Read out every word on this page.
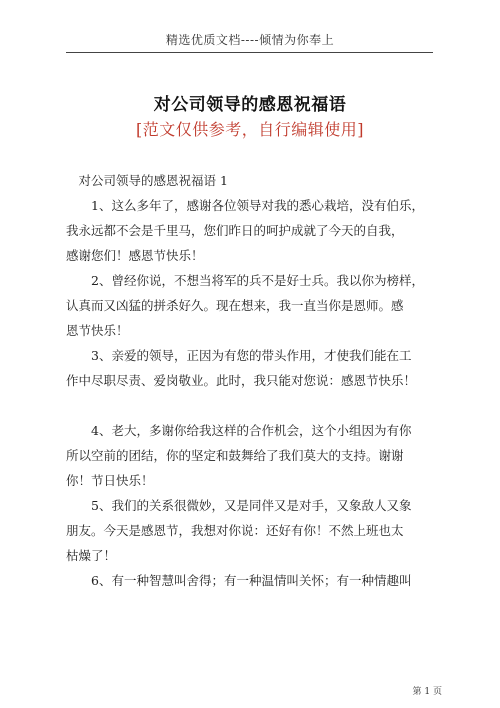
精选优质文档----倾情为你奉上
对公司领导的感恩祝福语
[范文仅供参考，自行编辑使用]
　对公司领导的感恩祝福语 1
　　1、这么多年了，感谢各位领导对我的悉心栽培，没有伯乐，
我永远都不会是千里马，您们昨日的呵护成就了今天的自我，
感谢您们！感恩节快乐！
　　2、曾经你说，不想当将军的兵不是好士兵。我以你为榜样，
认真而又凶猛的拼杀好久。现在想来，我一直当你是恩师。感
恩节快乐！
　　3、亲爱的领导，正因为有您的带头作用，才使我们能在工
作中尽职尽责、爱岗敬业。此时，我只能对您说：感恩节快乐！
　　4、老大，多谢你给我这样的合作机会，这个小组因为有你
所以空前的团结，你的坚定和鼓舞给了我们莫大的支持。谢谢
你！节日快乐！
　　5、我们的关系很微妙，又是同伴又是对手，又象敌人又象
朋友。今天是感恩节，我想对你说：还好有你！不然上班也太
枯燥了！
　　6、有一种智慧叫舍得；有一种温情叫关怀；有一种情趣叫
第 1 页
